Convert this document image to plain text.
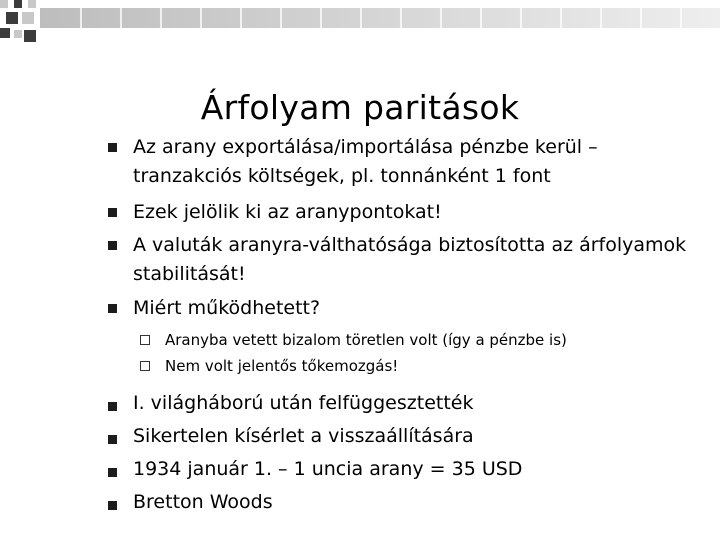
Árfolyam paritások
Az arany exportálása/importálása pénzbe kerül –
tranzakciós költségek, pl. tonnánként 1 font
Ezek jelölik ki az aranypontokat!
A valuták aranyra-válthatósága biztosította az árfolyamok
stabilitását!
Miért működhetett?
Aranyba vetett bizalom töretlen volt (így a pénzbe is)
Nem volt jelentős tőkemozgás!
I. világháború után felfüggesztették
Sikertelen kísérlet a visszaállítására
1934 január 1. – 1 uncia arany = 35 USD
Bretton Woods
